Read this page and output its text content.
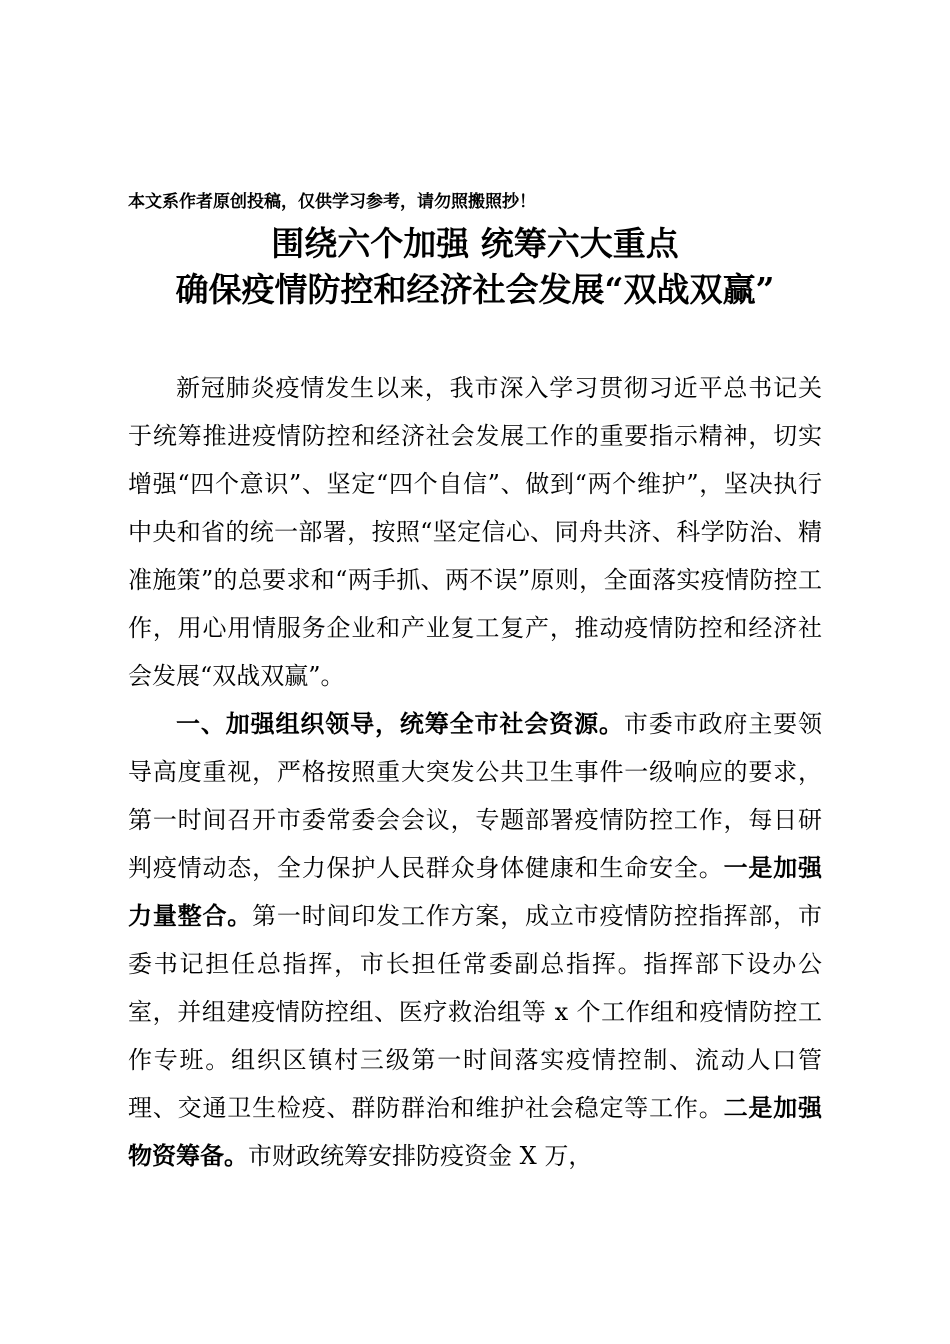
本文系作者原创投稿，仅供学习参考，请勿照搬照抄！
围绕六个加强 统筹六大重点
确保疫情防控和经济社会发展“双战双赢”

新冠肺炎疫情发生以来，我市深入学习贯彻习近平总书记关于统筹推进疫情防控和经济社会发展工作的重要指示精神，切实增强“四个意识”、坚定“四个自信”、做到“两个维护”，坚决执行中央和省的统一部署，按照“坚定信心、同舟共济、科学防治、精准施策”的总要求和“两手抓、两不误”原则，全面落实疫情防控工作，用心用情服务企业和产业复工复产，推动疫情防控和经济社会发展“双战双赢”。

一、加强组织领导，统筹全市社会资源。市委市政府主要领导高度重视，严格按照重大突发公共卫生事件一级响应的要求，第一时间召开市委常委会会议，专题部署疫情防控工作，每日研判疫情动态，全力保护人民群众身体健康和生命安全。一是加强力量整合。第一时间印发工作方案，成立市疫情防控指挥部，市委书记担任总指挥，市长担任常委副总指挥。指挥部下设办公室，并组建疫情防控组、医疗救治组等 x 个工作组和疫情防控工作专班。组织区镇村三级第一时间落实疫情控制、流动人口管理、交通卫生检疫、群防群治和维护社会稳定等工作。二是加强物资筹备。市财政统筹安排防疫资金 X 万，
